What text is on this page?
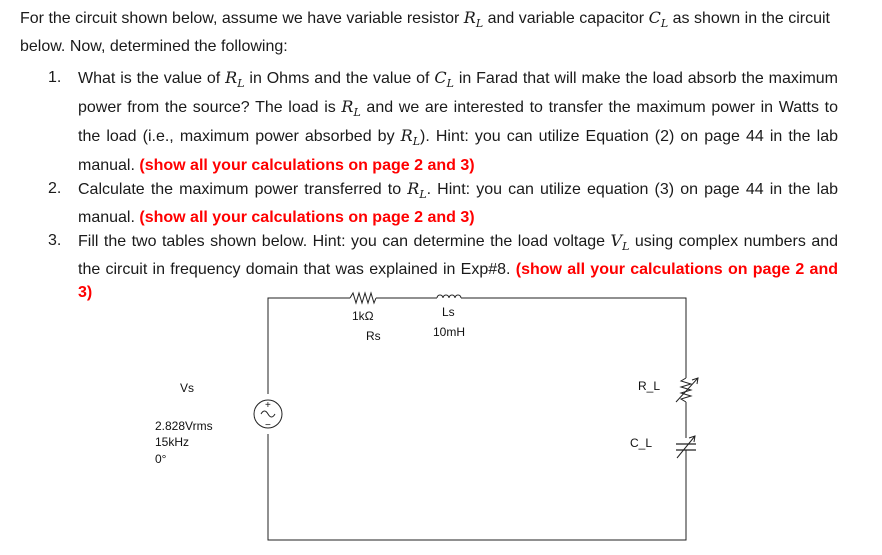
For the circuit shown below, assume we have variable resistor $R_L$ and variable capacitor $C_L$ as shown in the circuit below. Now, determined the following:
1. What is the value of $R_L$ in Ohms and the value of $C_L$ in Farad that will make the load absorb the maximum power from the source? The load is $R_L$ and we are interested to transfer the maximum power in Watts to the load (i.e., maximum power absorbed by $R_L$). Hint: you can utilize Equation (2) on page 44 in the lab manual. (show all your calculations on page 2 and 3)
2. Calculate the maximum power transferred to $R_L$. Hint: you can utilize equation (3) on page 44 in the lab manual. (show all your calculations on page 2 and 3)
3. Fill the two tables shown below. Hint: you can determine the load voltage $V_L$ using complex numbers and the circuit in frequency domain that was explained in Exp#8. (show all your calculations on page 2 and 3)
+
−
1kΩ
Rs
Ls
10mH
Vs
2.828Vrms
15kHz
0°
R_L
C_L
